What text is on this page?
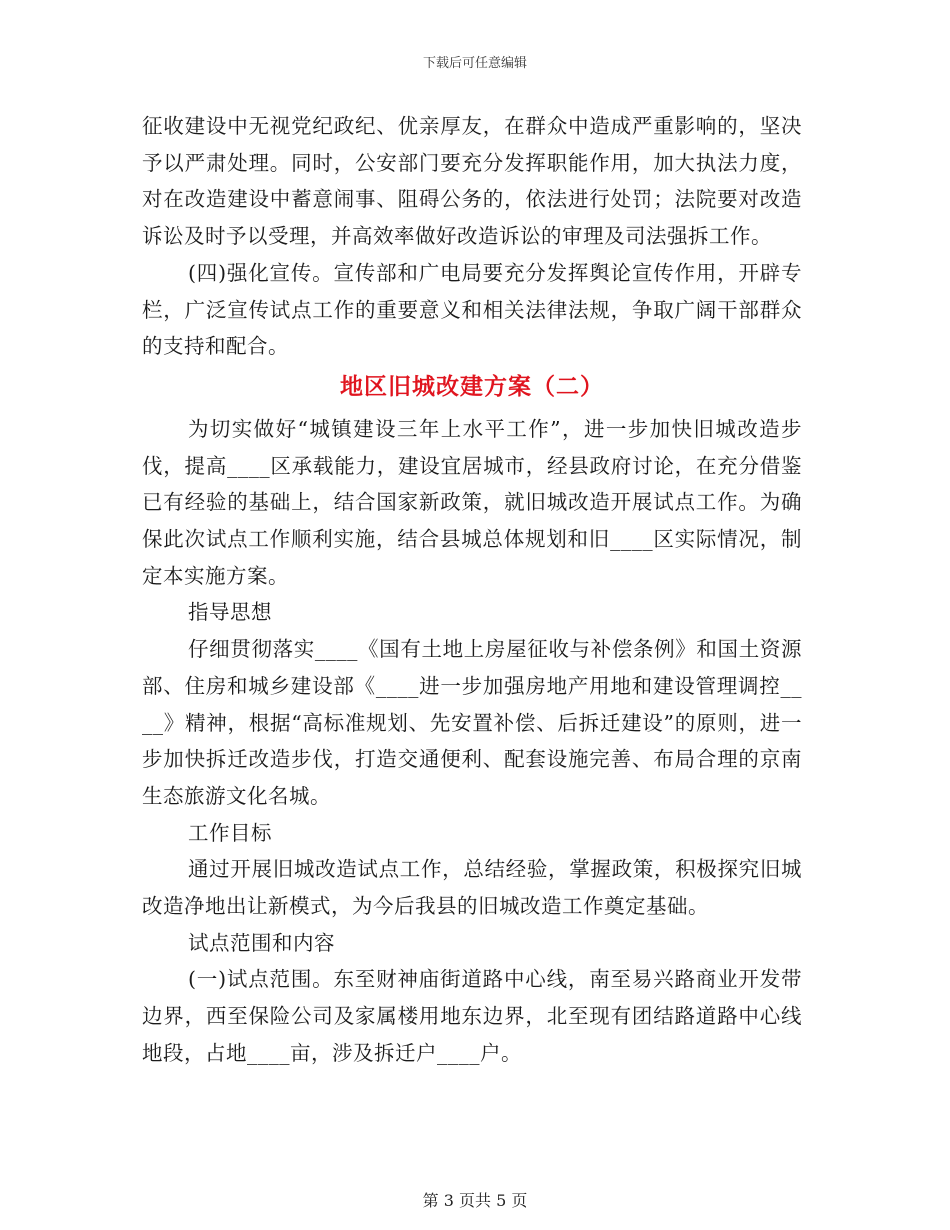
下载后可任意编辑

征收建设中无视党纪政纪、优亲厚友，在群众中造成严重影响的，坚决予以严肃处理。同时，公安部门要充分发挥职能作用，加大执法力度，对在改造建设中蓄意闹事、阻碍公务的，依法进行处罚；法院要对改造诉讼及时予以受理，并高效率做好改造诉讼的审理及司法强拆工作。

(四)强化宣传。宣传部和广电局要充分发挥舆论宣传作用，开辟专栏，广泛宣传试点工作的重要意义和相关法律法规，争取广阔干部群众的支持和配合。

地区旧城改建方案（二）

为切实做好“城镇建设三年上水平工作”，进一步加快旧城改造步伐，提高____区承载能力，建设宜居城市，经县政府讨论，在充分借鉴已有经验的基础上，结合国家新政策，就旧城改造开展试点工作。为确保此次试点工作顺利实施，结合县城总体规划和旧____区实际情况，制定本实施方案。

指导思想

仔细贯彻落实____《国有土地上房屋征收与补偿条例》和国土资源部、住房和城乡建设部《____进一步加强房地产用地和建设管理调控____》精神，根据“高标准规划、先安置补偿、后拆迁建设”的原则，进一步加快拆迁改造步伐，打造交通便利、配套设施完善、布局合理的京南生态旅游文化名城。

工作目标

通过开展旧城改造试点工作，总结经验，掌握政策，积极探究旧城改造净地出让新模式，为今后我县的旧城改造工作奠定基础。

试点范围和内容

(一)试点范围。东至财神庙街道路中心线，南至易兴路商业开发带边界，西至保险公司及家属楼用地东边界，北至现有团结路道路中心线地段，占地____亩，涉及拆迁户____户。

第 3 页共 5 页
